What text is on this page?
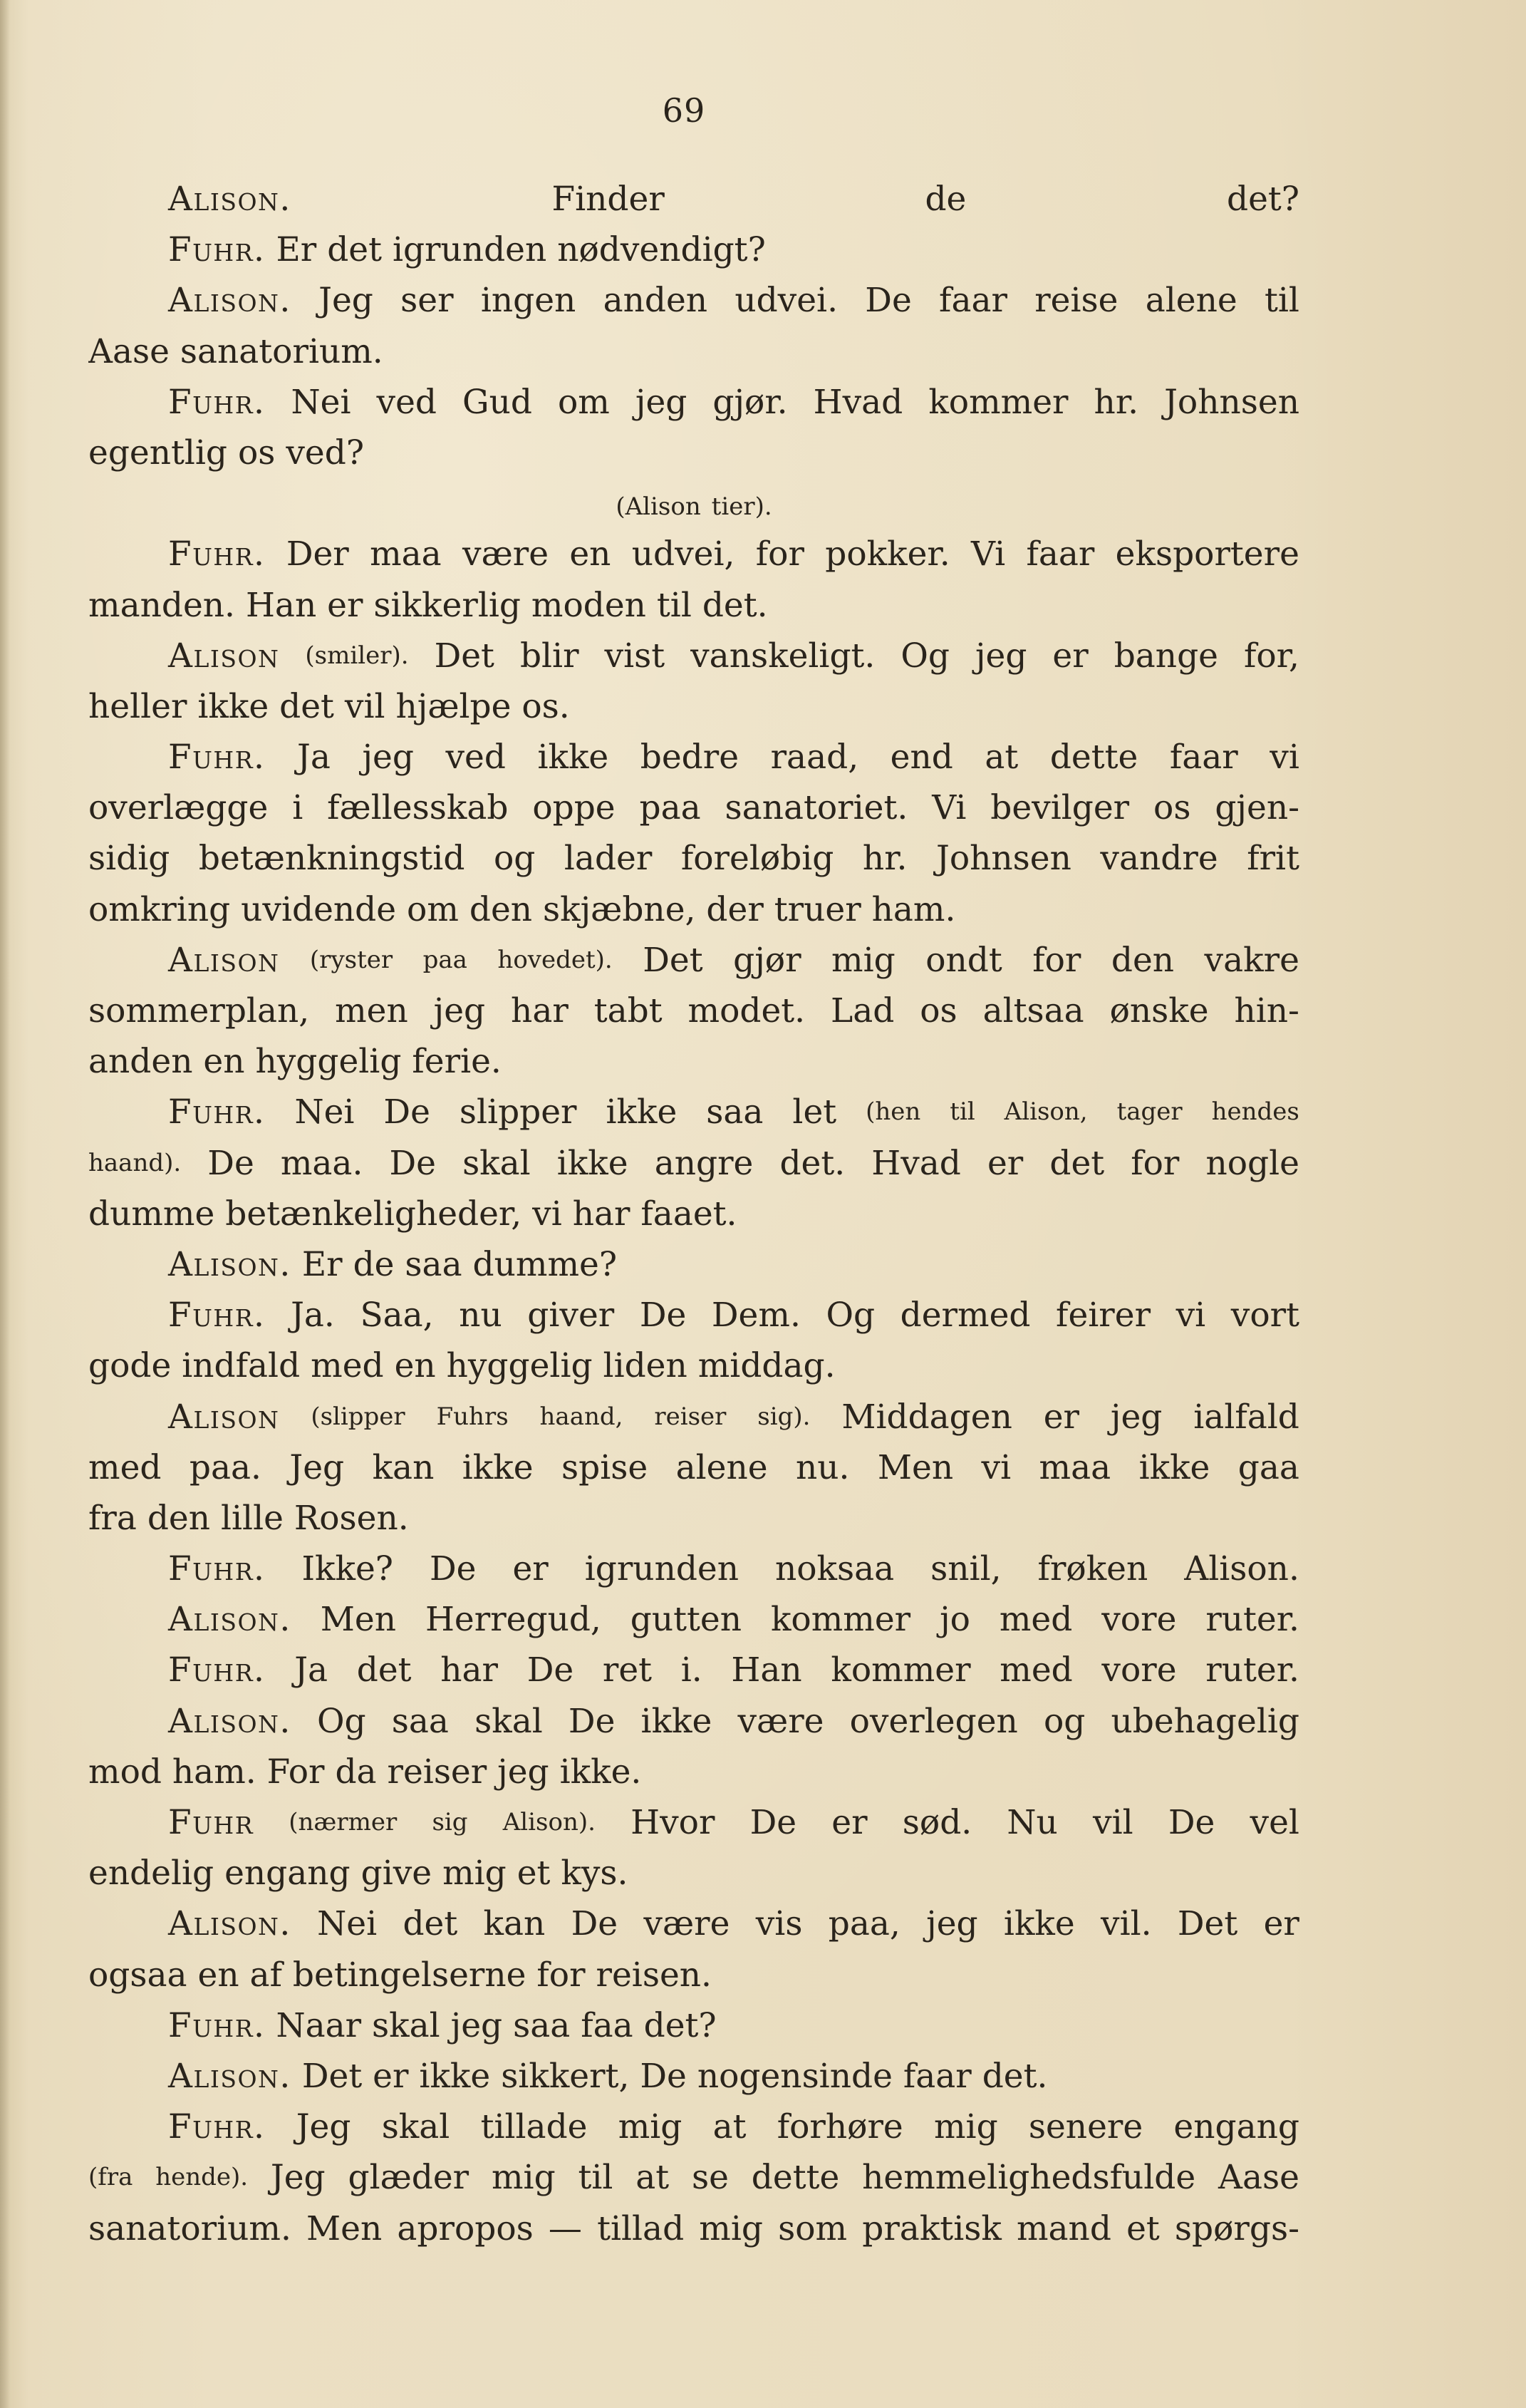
69
Alison.	Finder	de	det?
Fuhr. Er det igrunden nødvendigt?
Alison. Jeg ser ingen anden udvei. De faar reise alene til
Aase sanatorium.
Fuhr. Nei ved Gud om jeg gjør. Hvad kommer hr. Johnsen
egentlig os ved?
(Alison tier).
Fuhr. Der maa være en udvei, for pokker. Vi faar eksportere
manden. Han er sikkerlig moden til det.
Alison (smiler). Det blir vist vanskeligt. Og jeg er bange for,
heller ikke det vil hjælpe os.
Fuhr. Ja jeg ved ikke bedre raad, end at dette faar vi
overlægge i fællesskab oppe paa sanatoriet. Vi bevilger os gjen-
sidig betænkningstid og lader foreløbig hr. Johnsen vandre frit
omkring uvidende om den skjæbne, der truer ham.
Alison (ryster paa hovedet). Det gjør mig ondt for den vakre
sommerplan, men jeg har tabt modet. Lad os altsaa ønske hin-
anden en hyggelig ferie.
Fuhr. Nei De slipper ikke saa let (hen til Alison, tager hendes
haand). De maa. De skal ikke angre det. Hvad er det for nogle
dumme betænkeligheder, vi har faaet.
Alison. Er de saa dumme?
Fuhr. Ja. Saa, nu giver De Dem. Og dermed feirer vi vort
gode indfald med en hyggelig liden middag.
Alison (slipper Fuhrs haand, reiser sig). Middagen er jeg ialfald
med paa. Jeg kan ikke spise alene nu. Men vi maa ikke gaa
fra den lille Rosen.
Fuhr. Ikke? De er igrunden noksaa snil, frøken Alison.
Alison. Men Herregud, gutten kommer jo med vore ruter.
Fuhr. Ja det har De ret i. Han kommer med vore ruter.
Alison. Og saa skal De ikke være overlegen og ubehagelig
mod ham. For da reiser jeg ikke.
Fuhr (nærmer sig Alison). Hvor De er sød. Nu vil De vel
endelig engang give mig et kys.
Alison. Nei det kan De være vis paa, jeg ikke vil. Det er
ogsaa en af betingelserne for reisen.
Fuhr. Naar skal jeg saa faa det?
Alison. Det er ikke sikkert, De nogensinde faar det.
Fuhr. Jeg skal tillade mig at forhøre mig senere engang
(fra hende). Jeg glæder mig til at se dette hemmelighedsfulde Aase
sanatorium. Men apropos — tillad mig som praktisk mand et spørgs-
